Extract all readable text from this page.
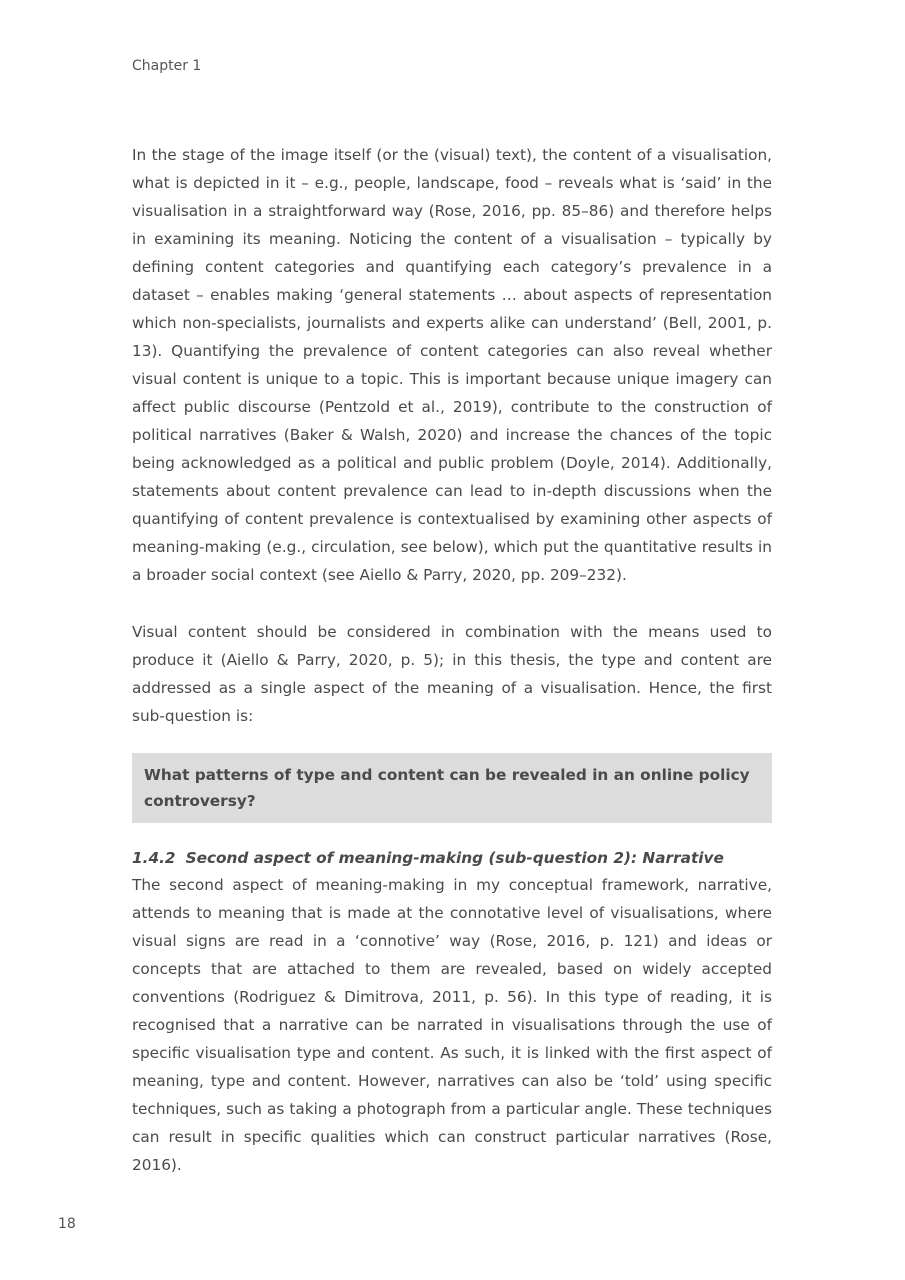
Chapter 1

In the stage of the image itself (or the (visual) text), the content of a visualisation, what is depicted in it – e.g., people, landscape, food – reveals what is ‘said’ in the visualisation in a straightforward way (Rose, 2016, pp. 85–86) and therefore helps in examining its meaning. Noticing the content of a visualisation – typically by defining content categories and quantifying each category’s prevalence in a dataset – enables making ‘general statements … about aspects of representation which non-specialists, journalists and experts alike can understand’ (Bell, 2001, p. 13). Quantifying the prevalence of content categories can also reveal whether visual content is unique to a topic. This is important because unique imagery can affect public discourse (Pentzold et al., 2019), contribute to the construction of political narratives (Baker & Walsh, 2020) and increase the chances of the topic being acknowledged as a political and public problem (Doyle, 2014). Additionally, statements about content prevalence can lead to in-depth discussions when the quantifying of content prevalence is contextualised by examining other aspects of meaning-making (e.g., circulation, see below), which put the quantitative results in a broader social context (see Aiello & Parry, 2020, pp. 209–232).

Visual content should be considered in combination with the means used to produce it (Aiello & Parry, 2020, p. 5); in this thesis, the type and content are addressed as a single aspect of the meaning of a visualisation. Hence, the first sub-question is:

What patterns of type and content can be revealed in an online policy controversy?

1.4.2 Second aspect of meaning-making (sub-question 2): Narrative

The second aspect of meaning-making in my conceptual framework, narrative, attends to meaning that is made at the connotative level of visualisations, where visual signs are read in a ‘connotive’ way (Rose, 2016, p. 121) and ideas or concepts that are attached to them are revealed, based on widely accepted conventions (Rodriguez & Dimitrova, 2011, p. 56). In this type of reading, it is recognised that a narrative can be narrated in visualisations through the use of specific visualisation type and content. As such, it is linked with the first aspect of meaning, type and content. However, narratives can also be ‘told’ using specific techniques, such as taking a photograph from a particular angle. These techniques can result in specific qualities which can construct particular narratives (Rose, 2016).

18
